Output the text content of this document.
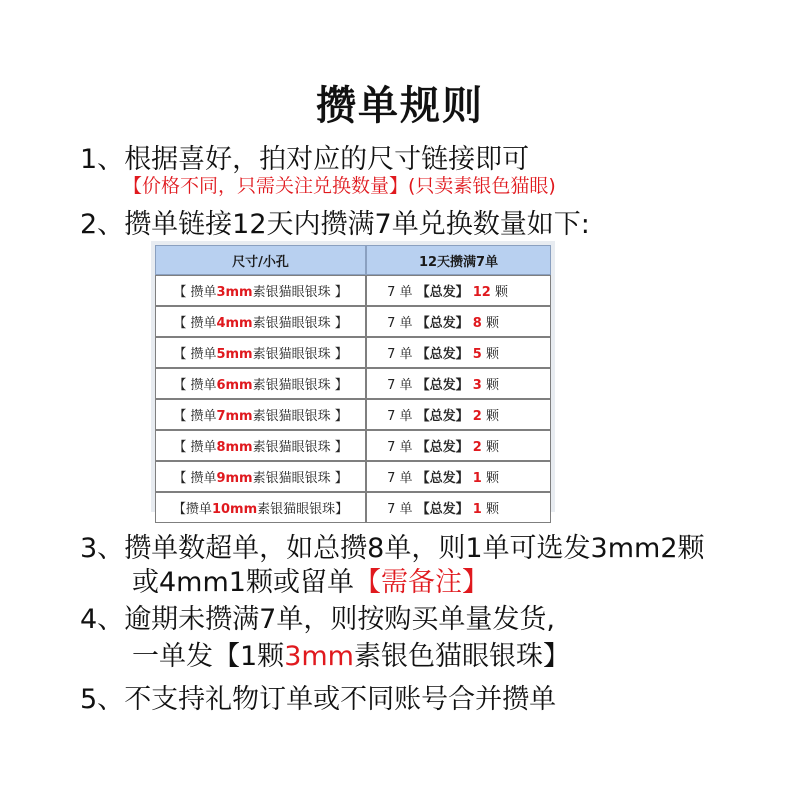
攒单规则
1、根据喜好，拍对应的尺寸链接即可
【价格不同，只需关注兑换数量】(只卖素银色猫眼)
2、攒单链接12天内攒满7单兑换数量如下:
尺寸/小孔	12天攒满7单
【 攒单3mm素银猫眼银珠 】	7 单 【总发】 12 颗
【 攒单4mm素银猫眼银珠 】	7 单 【总发】 8 颗
【 攒单5mm素银猫眼银珠 】	7 单 【总发】 5 颗
【 攒单6mm素银猫眼银珠 】	7 单 【总发】 3 颗
【 攒单7mm素银猫眼银珠 】	7 单 【总发】 2 颗
【 攒单8mm素银猫眼银珠 】	7 单 【总发】 2 颗
【 攒单9mm素银猫眼银珠 】	7 单 【总发】 1 颗
【攒单10mm素银猫眼银珠】	7 单 【总发】 1 颗
3、攒单数超单，如总攒8单，则1单可选发3mm2颗
或4mm1颗或留单【需备注】
4、逾期未攒满7单，则按购买单量发货,
一单发【1颗3mm素银色猫眼银珠】
5、不支持礼物订单或不同账号合并攒单
